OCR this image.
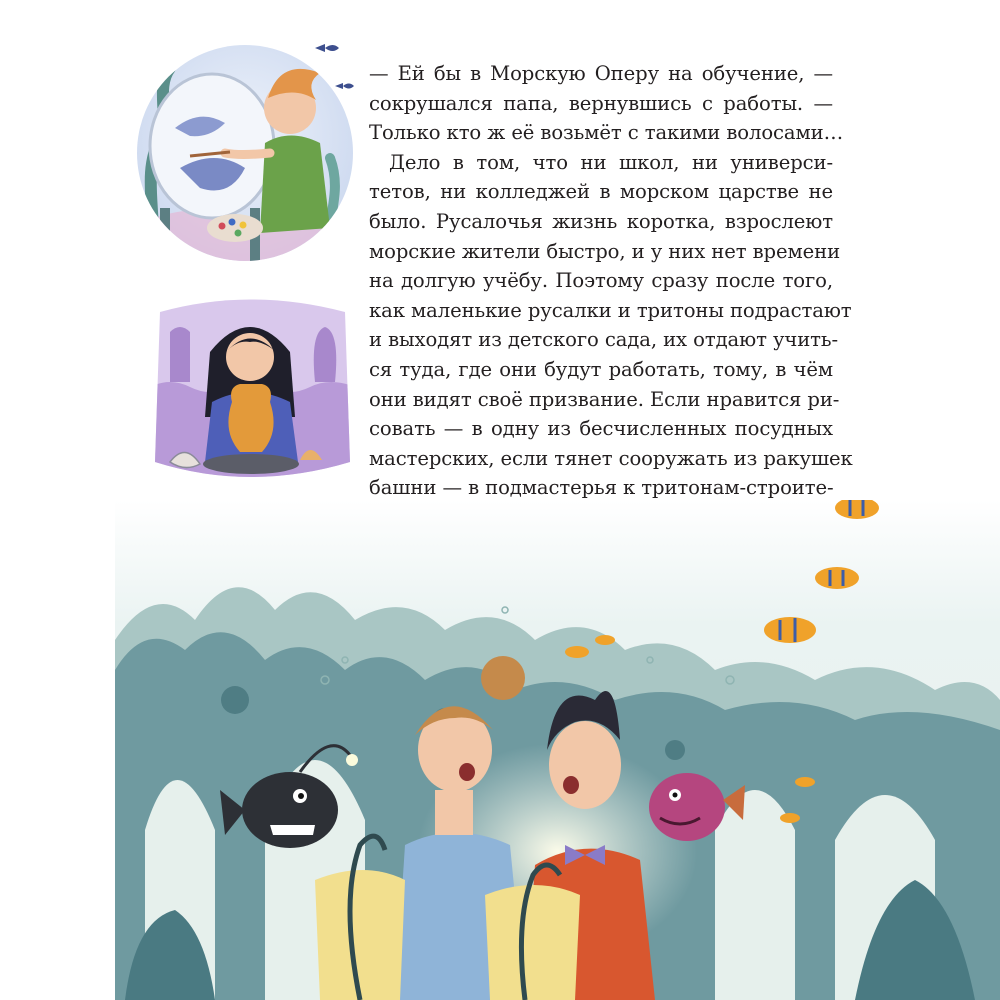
— Ей бы в Морскую Оперу на обучение, —
сокрушался папа, вернувшись с работы. —
Только кто ж её возьмёт с такими волосами…
Дело в том, что ни школ, ни универси-
тетов, ни колледжей в морском царстве не
было. Русалочья жизнь коротка, взрослеют
морские жители быстро, и у них нет времени
на долгую учёбу. Поэтому сразу после того,
как маленькие русалки и тритоны подрастают
и выходят из детского сада, их отдают учить-
ся туда, где они будут работать, тому, в чём
они видят своё призвание. Если нравится ри-
совать — в одну из бесчисленных посудных
мастерских, если тянет сооружать из ракушек
башни — в подмастерья к тритонам-строите-
